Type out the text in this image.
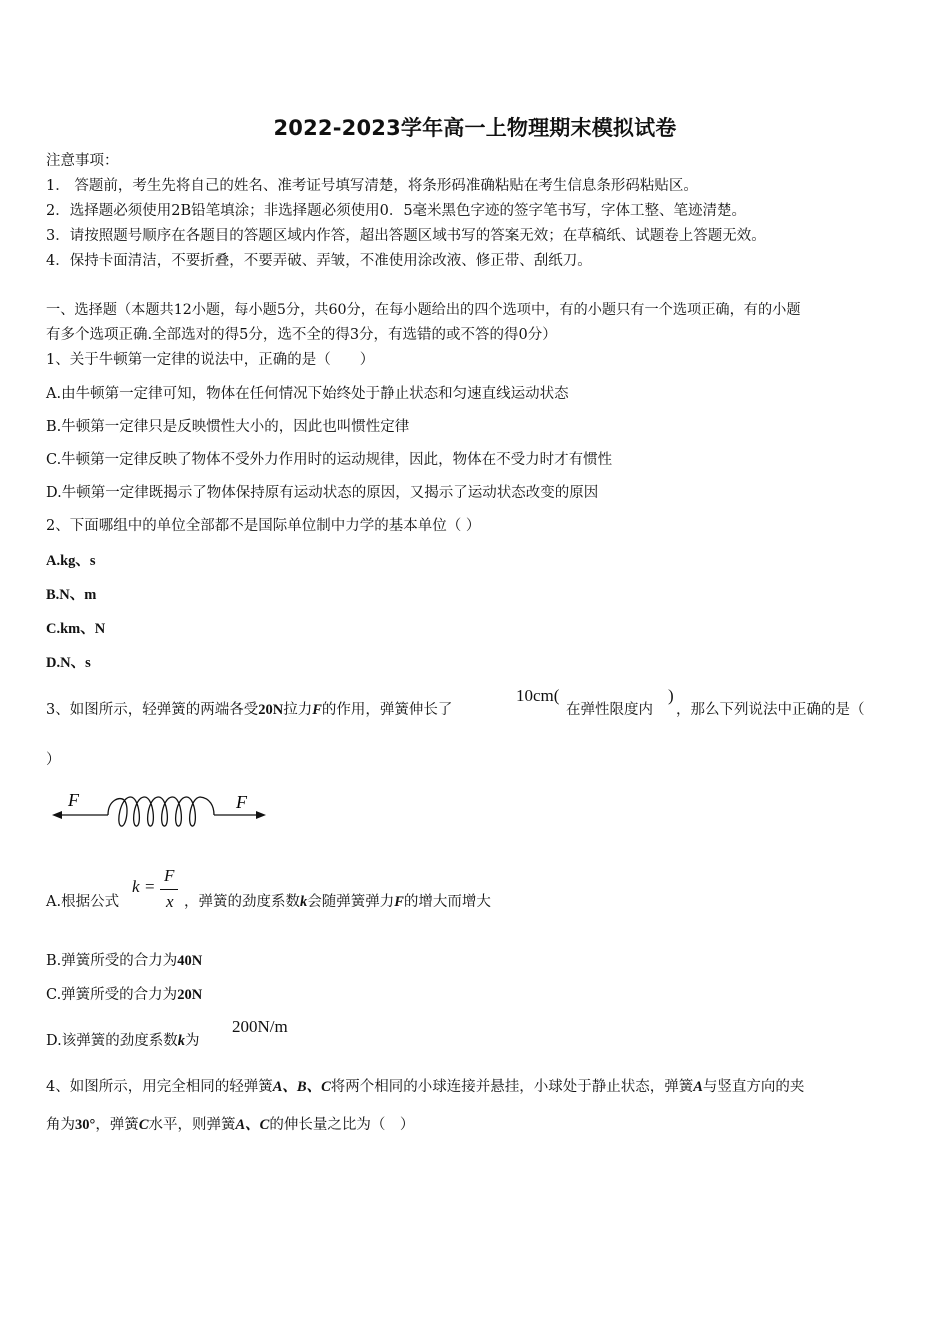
2022-2023学年高一上物理期末模拟试卷
注意事项：
1． 答题前，考生先将自己的姓名、准考证号填写清楚，将条形码准确粘贴在考生信息条形码粘贴区。
2．选择题必须使用2B铅笔填涂；非选择题必须使用0．5毫米黑色字迹的签字笔书写，字体工整、笔迹清楚。
3．请按照题号顺序在各题目的答题区域内作答，超出答题区域书写的答案无效；在草稿纸、试题卷上答题无效。
4．保持卡面清洁，不要折叠，不要弄破、弄皱，不准使用涂改液、修正带、刮纸刀。
一、选择题（本题共12小题，每小题5分，共60分，在每小题给出的四个选项中，有的小题只有一个选项正确，有的小题
有多个选项正确.全部选对的得5分，选不全的得3分，有选错的或不答的得0分）
1、关于牛顿第一定律的说法中，正确的是（　　）
A.由牛顿第一定律可知，物体在任何情况下始终处于静止状态和匀速直线运动状态
B.牛顿第一定律只是反映惯性大小的，因此也叫惯性定律
C.牛顿第一定律反映了物体不受外力作用时的运动规律，因此，物体在不受力时才有惯性
D.牛顿第一定律既揭示了物体保持原有运动状态的原因，又揭示了运动状态改变的原因
2、下面哪组中的单位全部都不是国际单位制中力学的基本单位（ ）
A.kg、s
B.N、m
C.km、N
D.N、s
3、如图所示，轻弹簧的两端各受20N拉力F的作用，弹簧伸长了
10cm(
在弹性限度内
)
，那么下列说法中正确的是（
）
F	F
A.根据公式
k =
F
x ，弹簧的劲度系数k会随弹簧弹力F的增大而增大
B.弹簧所受的合力为40N
C.弹簧所受的合力为20N
D.该弹簧的劲度系数k为
200N/m
4、如图所示，用完全相同的轻弹簧A、B、C将两个相同的小球连接并悬挂，小球处于静止状态，弹簧A与竖直方向的夹
角为30°，弹簧C水平，则弹簧A、C的伸长量之比为（　）
